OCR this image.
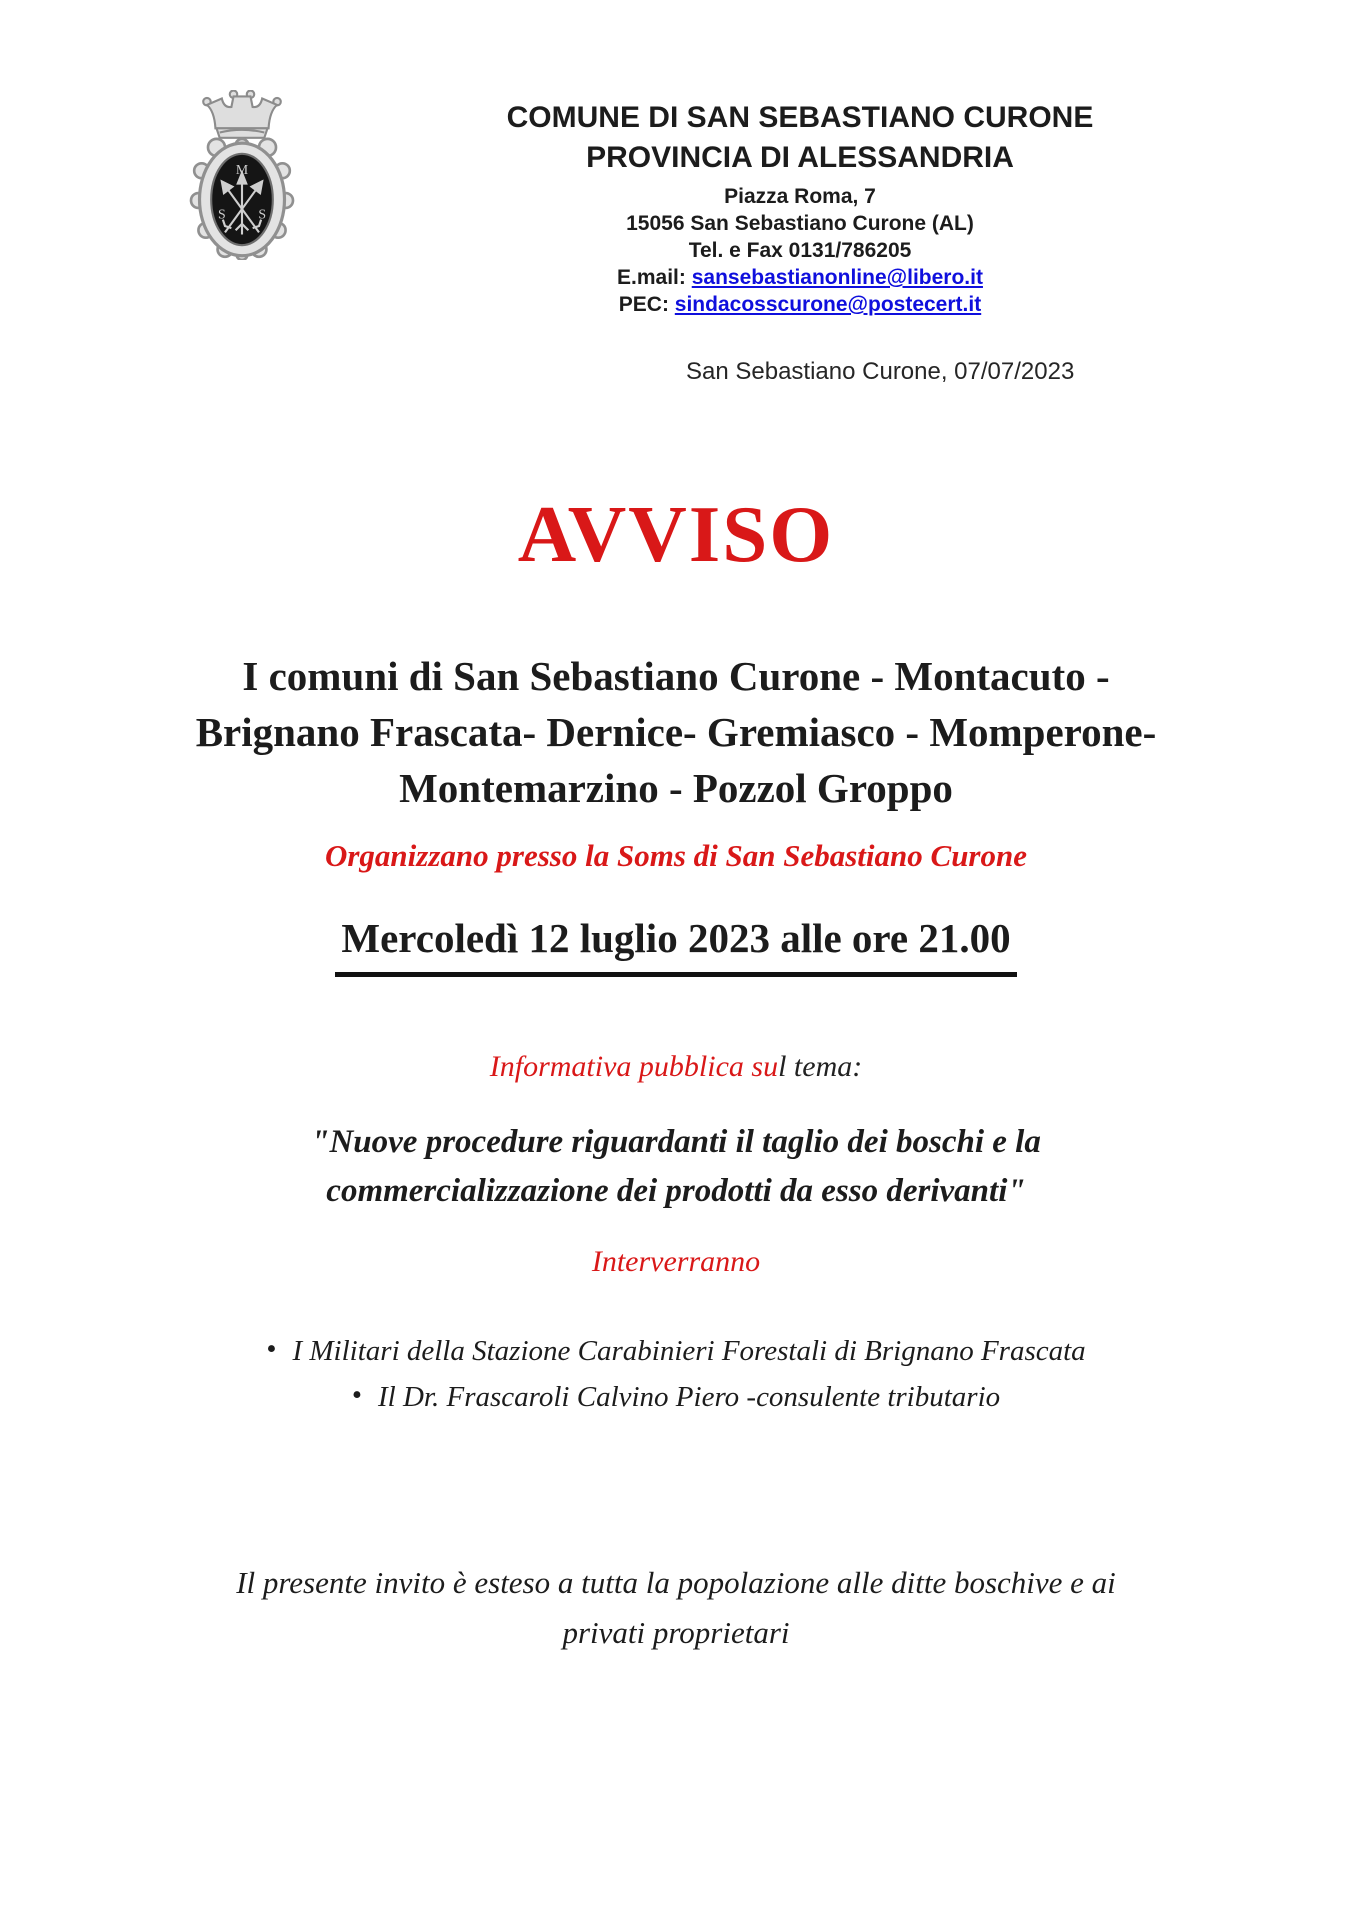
M
S	S
COMUNE DI SAN SEBASTIANO CURONE
PROVINCIA DI ALESSANDRIA
Piazza Roma, 7
15056 San Sebastiano Curone (AL)
Tel. e Fax 0131/786205
E.mail: sansebastianonline@libero.it
PEC: sindacosscurone@postecert.it
San Sebastiano Curone, 07/07/2023
AVVISO
I comuni di San Sebastiano Curone - Montacuto -
Brignano Frascata- Dernice- Gremiasco - Momperone-
Montemarzino - Pozzol Groppo
Organizzano presso la Soms di San Sebastiano Curone
Mercoledì 12 luglio 2023 alle ore 21.00
Informativa pubblica sul tema:
"Nuove procedure riguardanti il taglio dei boschi e la
commercializzazione dei prodotti da esso derivanti"
Interverranno
• I Militari della Stazione Carabinieri Forestali di Brignano Frascata
• Il Dr. Frascaroli Calvino Piero -consulente tributario
Il presente invito è esteso a tutta la popolazione alle ditte boschive e ai
privati proprietari
